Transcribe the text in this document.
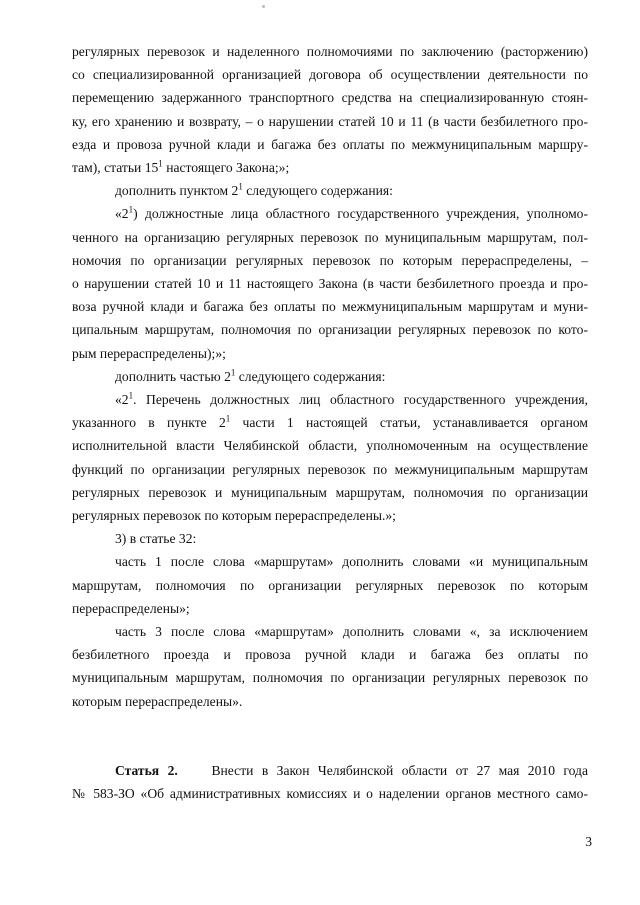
регулярных перевозок и наделенного полномочиями по заключению (расторжению)
со специализированной организацией договора об осуществлении деятельности по
перемещению задержанного транспортного средства на специализированную стоян-
ку, его хранению и возврату, – о нарушении статей 10 и 11 (в части безбилетного про-
езда и провоза ручной клади и багажа без оплаты по межмуниципальным маршру-
там), статьи $15^1$ настоящего Закона;»;
дополнить пунктом $2^1$ следующего содержания:
«$2^1$) должностные лица областного государственного учреждения, уполномо-
ченного на организацию регулярных перевозок по муниципальным маршрутам, пол-
номочия по организации регулярных перевозок по которым перераспределены, –
о нарушении статей 10 и 11 настоящего Закона (в части безбилетного проезда и про-
воза ручной клади и багажа без оплаты по межмуниципальным маршрутам и муни-
ципальным маршрутам, полномочия по организации регулярных перевозок по кото-
рым перераспределены);»;
дополнить частью $2^1$ следующего содержания:
«$2^1$. Перечень должностных лиц областного государственного учреждения,
указанного в пункте $2^1$ части 1 настоящей статьи, устанавливается органом
исполнительной власти Челябинской области, уполномоченным на осуществление
функций по организации регулярных перевозок по межмуниципальным маршрутам
регулярных перевозок и муниципальным маршрутам, полномочия по организации
регулярных перевозок по которым перераспределены.»;
3) в статье 32:
часть 1 после слова «маршрутам» дополнить словами «и муниципальным
маршрутам, полномочия по организации регулярных перевозок по которым
перераспределены»;
часть 3 после слова «маршрутам» дополнить словами «, за исключением
безбилетного проезда и провоза ручной клади и багажа без оплаты по
муниципальным маршрутам, полномочия по организации регулярных перевозок по
которым перераспределены».
Статья 2. Внести в Закон Челябинской области от 27 мая 2010 года
№ 583-ЗО «Об административных комиссиях и о наделении органов местного само-
3
